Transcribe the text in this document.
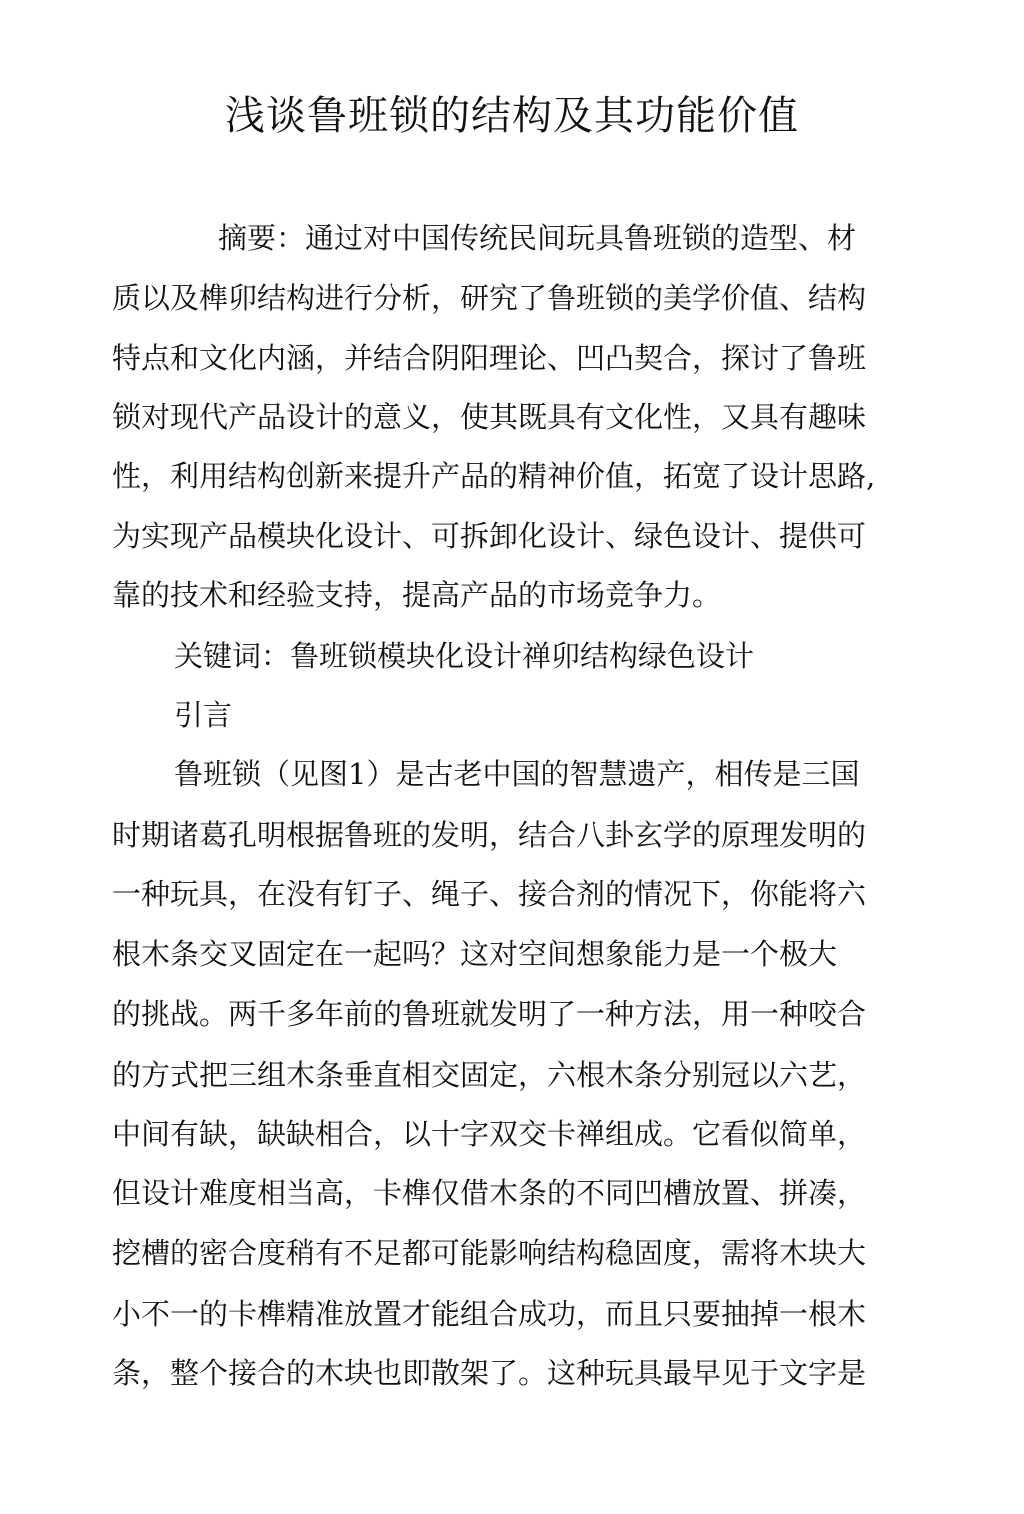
浅谈鲁班锁的结构及其功能价值
摘要：通过对中国传统民间玩具鲁班锁的造型、材
质以及榫卯结构进行分析，研究了鲁班锁的美学价值、结构
特点和文化内涵，并结合阴阳理论、凹凸契合，探讨了鲁班
锁对现代产品设计的意义，使其既具有文化性，又具有趣味
性，利用结构创新来提升产品的精神价值，拓宽了设计思路,
为实现产品模块化设计、可拆卸化设计、绿色设计、提供可
靠的技术和经验支持，提高产品的市场竞争力。
关键词：鲁班锁模块化设计禅卯结构绿色设计
引言
鲁班锁（见图1）是古老中国的智慧遗产，相传是三国
时期诸葛孔明根据鲁班的发明，结合八卦玄学的原理发明的
一种玩具，在没有钉子、绳子、接合剂的情况下，你能将六
根木条交叉固定在一起吗？这对空间想象能力是一个极大
的挑战。两千多年前的鲁班就发明了一种方法，用一种咬合
的方式把三组木条垂直相交固定，六根木条分别冠以六艺，
中间有缺，缺缺相合，以十字双交卡禅组成。它看似简单，
但设计难度相当高，卡榫仅借木条的不同凹槽放置、拼凑，
挖槽的密合度稍有不足都可能影响结构稳固度，需将木块大
小不一的卡榫精准放置才能组合成功，而且只要抽掉一根木
条，整个接合的木块也即散架了。这种玩具最早见于文字是
